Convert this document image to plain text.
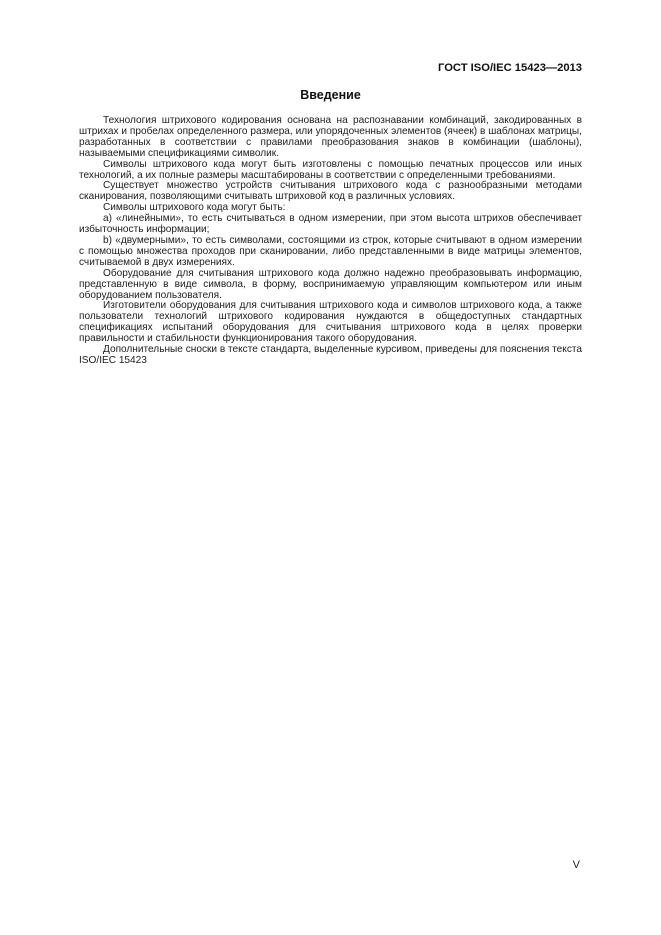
ГОСТ ISO/IEC 15423—2013
Введение

Технология штрихового кодирования основана на распознавании комбинаций, закодированных в штрихах и пробелах определенного размера, или упорядоченных элементов (ячеек) в шаблонах матрицы, разработанных в соответствии с правилами преобразования знаков в комбинации (шаблоны), называемыми спецификациями символик.

Символы штрихового кода могут быть изготовлены с помощью печатных процессов или иных технологий, а их полные размеры масштабированы в соответствии с определенными требованиями.

Существует множество устройств считывания штрихового кода с разнообразными методами сканирования, позволяющими считывать штриховой код в различных условиях.

Символы штрихового кода могут быть:

a) «линейными», то есть считываться в одном измерении, при этом высота штрихов обеспечивает избыточность информации;

b) «двумерными», то есть символами, состоящими из строк, которые считывают в одном измерении с помощью множества проходов при сканировании, либо представленными в виде матрицы элементов, считываемой в двух измерениях.

Оборудование для считывания штрихового кода должно надежно преобразовывать информацию, представленную в виде символа, в форму, воспринимаемую управляющим компьютером или иным оборудованием пользователя.

Изготовители оборудования для считывания штрихового кода и символов штрихового кода, а также пользователи технологий штрихового кодирования нуждаются в общедоступных стандартных спецификациях испытаний оборудования для считывания штрихового кода в целях проверки правильности и стабильности функционирования такого оборудования.

Дополнительные сноски в тексте стандарта, выделенные курсивом, приведены для пояснения текста ISO/IEC 15423

V
